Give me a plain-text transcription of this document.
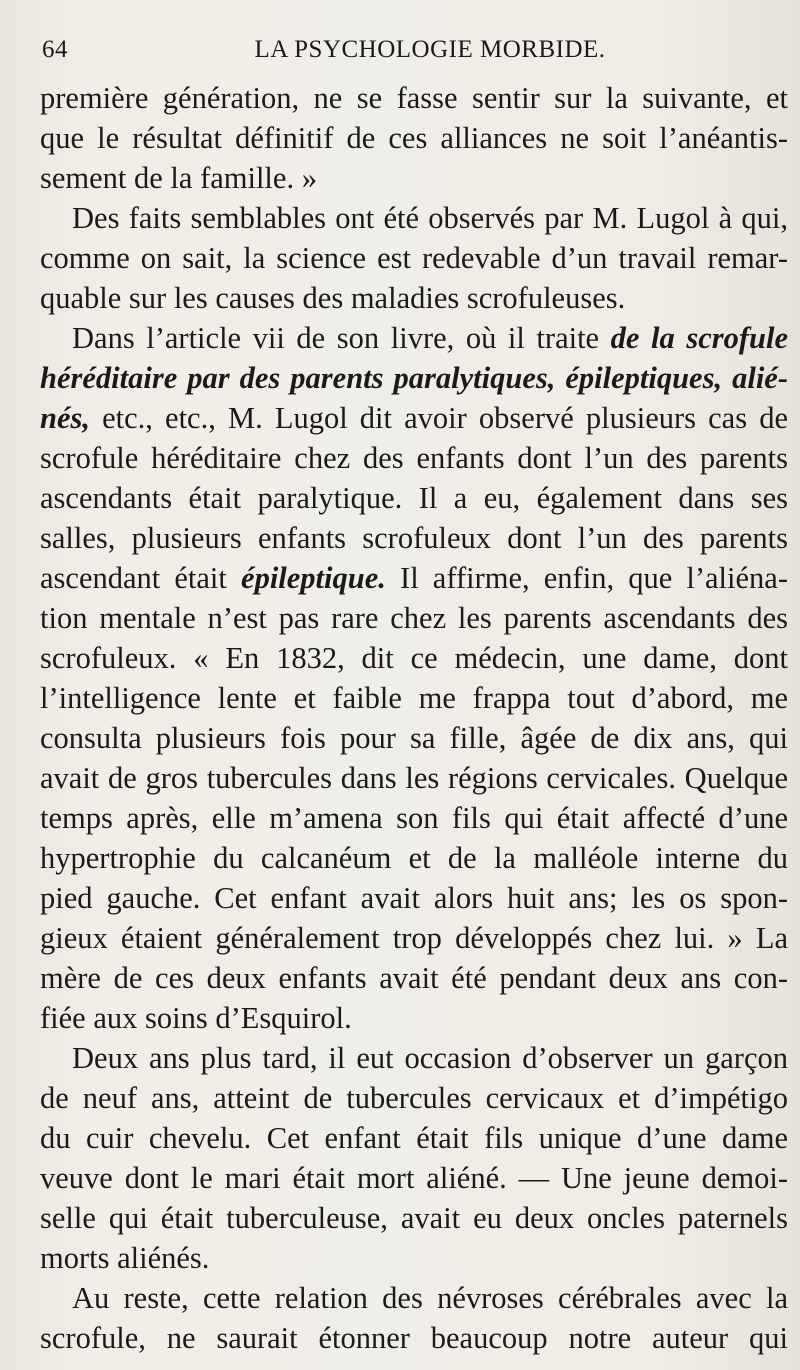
64	LA PSYCHOLOGIE MORBIDE.
première génération, ne se fasse sentir sur la suivante, et
que le résultat définitif de ces alliances ne soit l’anéantis-
sement de la famille. »
Des faits semblables ont été observés par M. Lugol à qui,
comme on sait, la science est redevable d’un travail remar-
quable sur les causes des maladies scrofuleuses.
Dans l’article vii de son livre, où il traite de la scrofule
héréditaire par des parents paralytiques, épileptiques, alié-
nés, etc., etc., M. Lugol dit avoir observé plusieurs cas de
scrofule héréditaire chez des enfants dont l’un des parents
ascendants était paralytique. Il a eu, également dans ses
salles, plusieurs enfants scrofuleux dont l’un des parents
ascendant était épileptique. Il affirme, enfin, que l’aliéna-
tion mentale n’est pas rare chez les parents ascendants des
scrofuleux. « En 1832, dit ce médecin, une dame, dont
l’intelligence lente et faible me frappa tout d’abord, me
consulta plusieurs fois pour sa fille, âgée de dix ans, qui
avait de gros tubercules dans les régions cervicales. Quelque
temps après, elle m’amena son fils qui était affecté d’une
hypertrophie du calcanéum et de la malléole interne du
pied gauche. Cet enfant avait alors huit ans; les os spon-
gieux étaient généralement trop développés chez lui. » La
mère de ces deux enfants avait été pendant deux ans con-
fiée aux soins d’Esquirol.
Deux ans plus tard, il eut occasion d’observer un garçon
de neuf ans, atteint de tubercules cervicaux et d’impétigo
du cuir chevelu. Cet enfant était fils unique d’une dame
veuve dont le mari était mort aliéné. — Une jeune demoi-
selle qui était tuberculeuse, avait eu deux oncles paternels
morts aliénés.
Au reste, cette relation des névroses cérébrales avec la
scrofule, ne saurait étonner beaucoup notre auteur qui
